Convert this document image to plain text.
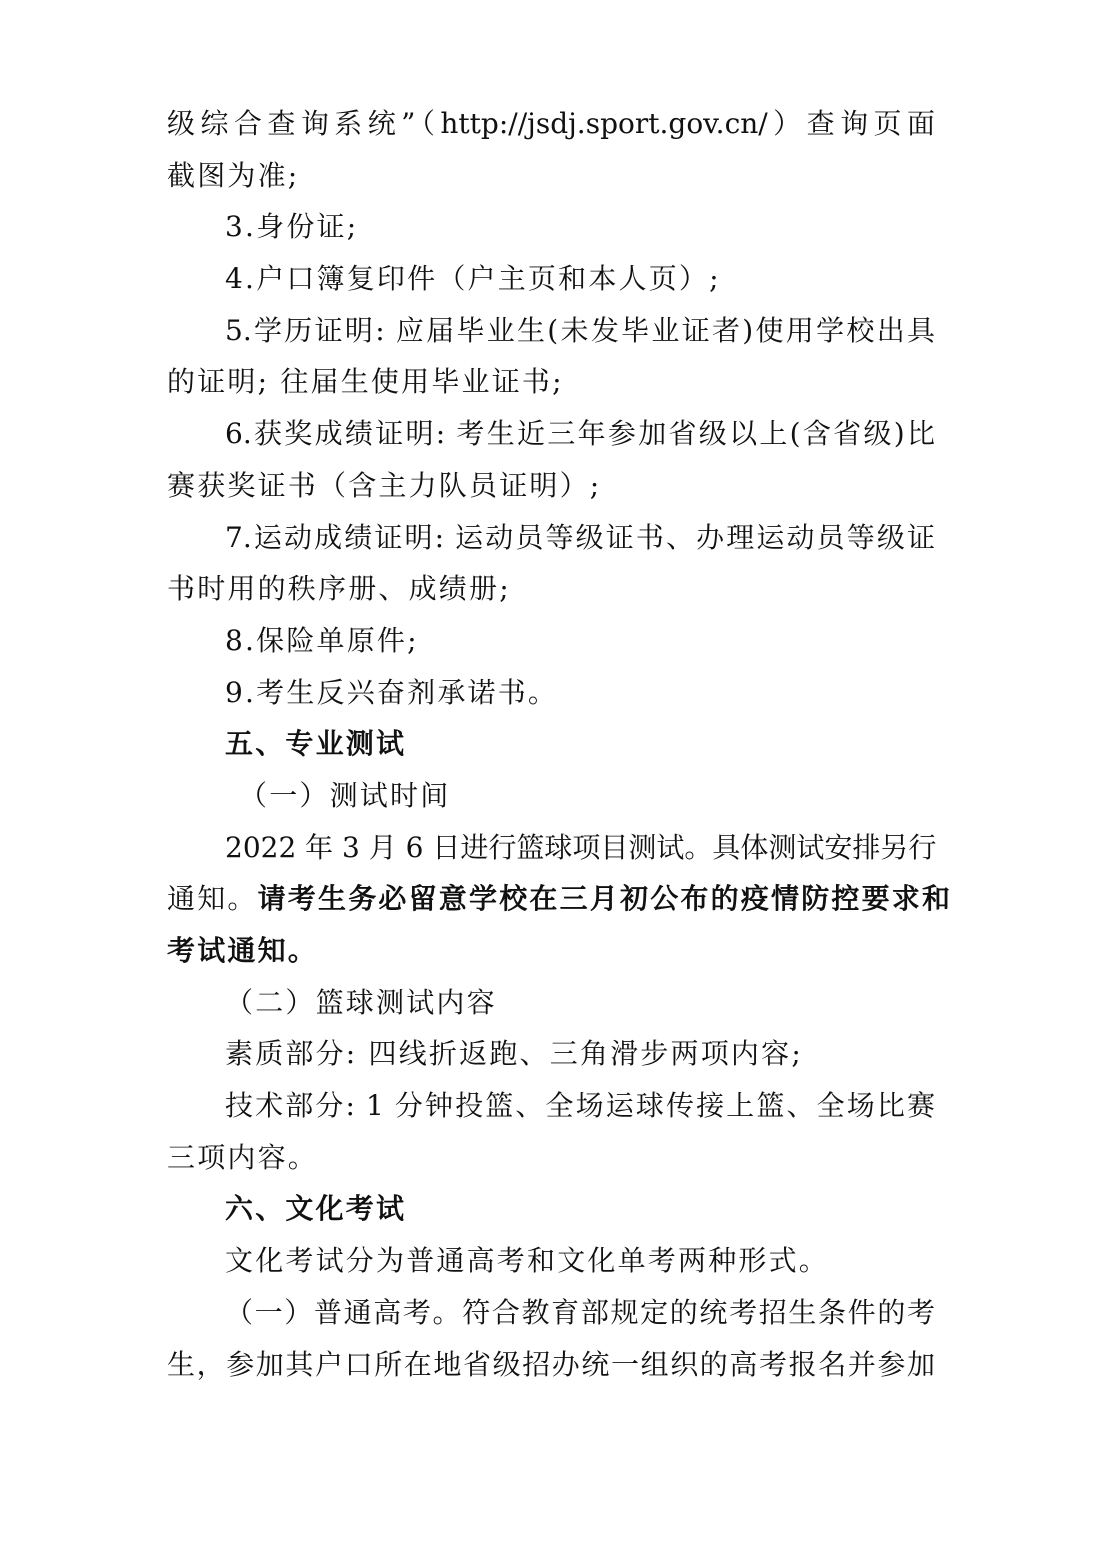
级综合查询系统”（http://jsdj.sport.gov.cn/）查询页面
截图为准;
3.身份证;
4.户口簿复印件（户主页和本人页）;
5.学历证明: 应届毕业生(未发毕业证者)使用学校出具
的证明; 往届生使用毕业证书;
6.获奖成绩证明: 考生近三年参加省级以上(含省级)比
赛获奖证书（含主力队员证明）;
7.运动成绩证明: 运动员等级证书、办理运动员等级证
书时用的秩序册、成绩册;
8.保险单原件;
9.考生反兴奋剂承诺书。
五、专业测试
（一）测试时间
2022 年 3 月 6 日进行篮球项目测试。具体测试安排另行
通知。请考生务必留意学校在三月初公布的疫情防控要求和
考试通知。
（二）篮球测试内容
素质部分: 四线折返跑、三角滑步两项内容;
技术部分: 1 分钟投篮、全场运球传接上篮、全场比赛
三项内容。
六、文化考试
文化考试分为普通高考和文化单考两种形式。
（一）普通高考。符合教育部规定的统考招生条件的考
生，参加其户口所在地省级招办统一组织的高考报名并参加
